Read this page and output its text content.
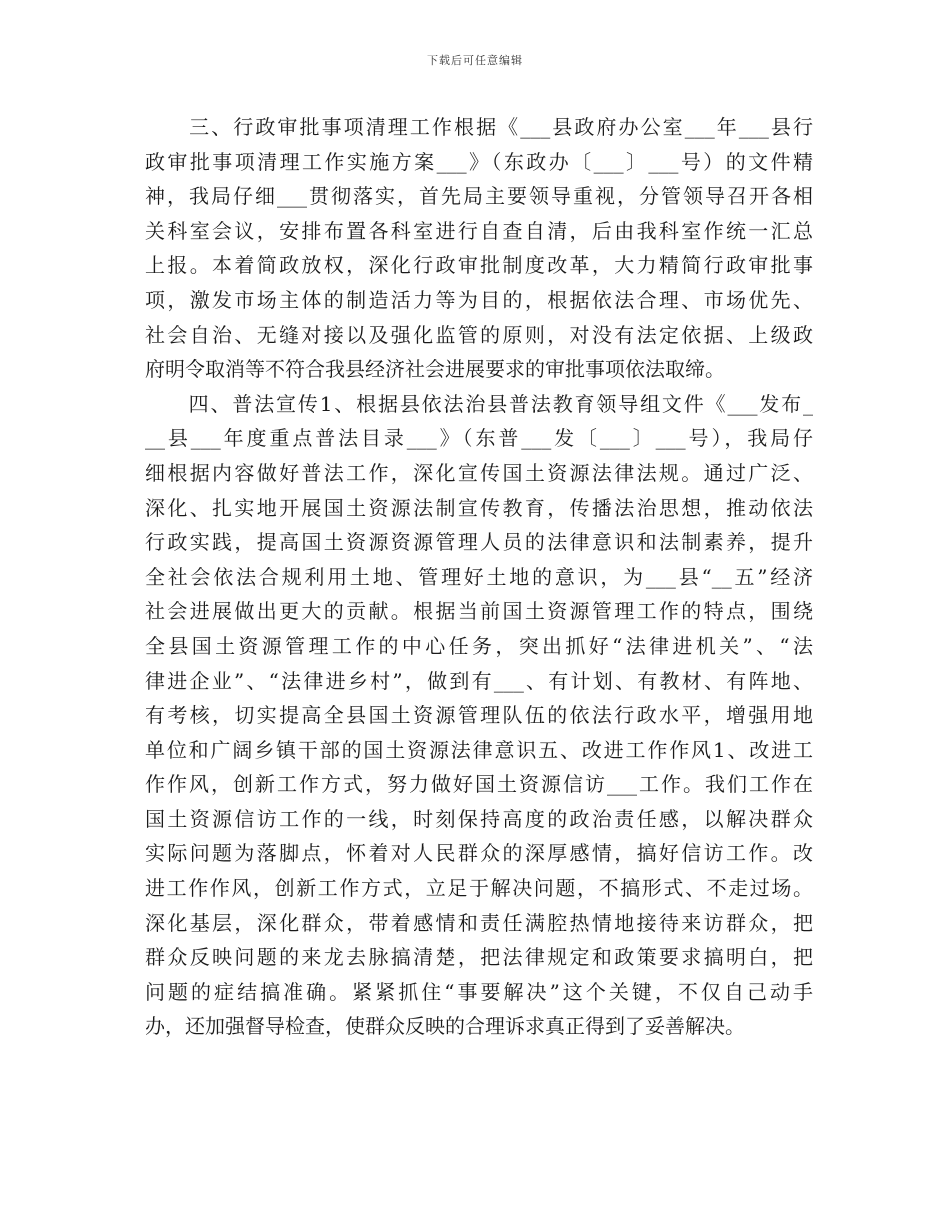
下载后可任意编辑
　　三、行政审批事项清理工作根据《___县政府办公室___年___县行
政审批事项清理工作实施方案___》（东政办〔___〕___号）的文件精
神，我局仔细___贯彻落实，首先局主要领导重视，分管领导召开各相
关科室会议，安排布置各科室进行自查自清，后由我科室作统一汇总
上报。本着简政放权，深化行政审批制度改革，大力精简行政审批事
项，激发市场主体的制造活力等为目的，根据依法合理、市场优先、
社会自治、无缝对接以及强化监管的原则，对没有法定依据、上级政
府明令取消等不符合我县经济社会进展要求的审批事项依法取缔。
　　四、普法宣传1、根据县依法治县普法教育领导组文件《___发布_
__县___年度重点普法目录___》（东普___发〔___〕___号），我局仔
细根据内容做好普法工作，深化宣传国土资源法律法规。通过广泛、
深化、扎实地开展国土资源法制宣传教育，传播法治思想，推动依法
行政实践，提高国土资源资源管理人员的法律意识和法制素养，提升
全社会依法合规利用土地、管理好土地的意识，为___县“__五”经济
社会进展做出更大的贡献。根据当前国土资源管理工作的特点，围绕
全县国土资源管理工作的中心任务，突出抓好“法律进机关”、“法
律进企业”、“法律进乡村”，做到有___、有计划、有教材、有阵地、
有考核，切实提高全县国土资源管理队伍的依法行政水平，增强用地
单位和广阔乡镇干部的国土资源法律意识五、改进工作作风1、改进工
作作风，创新工作方式，努力做好国土资源信访___工作。我们工作在
国土资源信访工作的一线，时刻保持高度的政治责任感，以解决群众
实际问题为落脚点，怀着对人民群众的深厚感情，搞好信访工作。改
进工作作风，创新工作方式，立足于解决问题，不搞形式、不走过场。
深化基层，深化群众，带着感情和责任满腔热情地接待来访群众，把
群众反映问题的来龙去脉搞清楚，把法律规定和政策要求搞明白，把
问题的症结搞准确。紧紧抓住“事要解决”这个关键，不仅自己动手
办，还加强督导检查，使群众反映的合理诉求真正得到了妥善解决。
